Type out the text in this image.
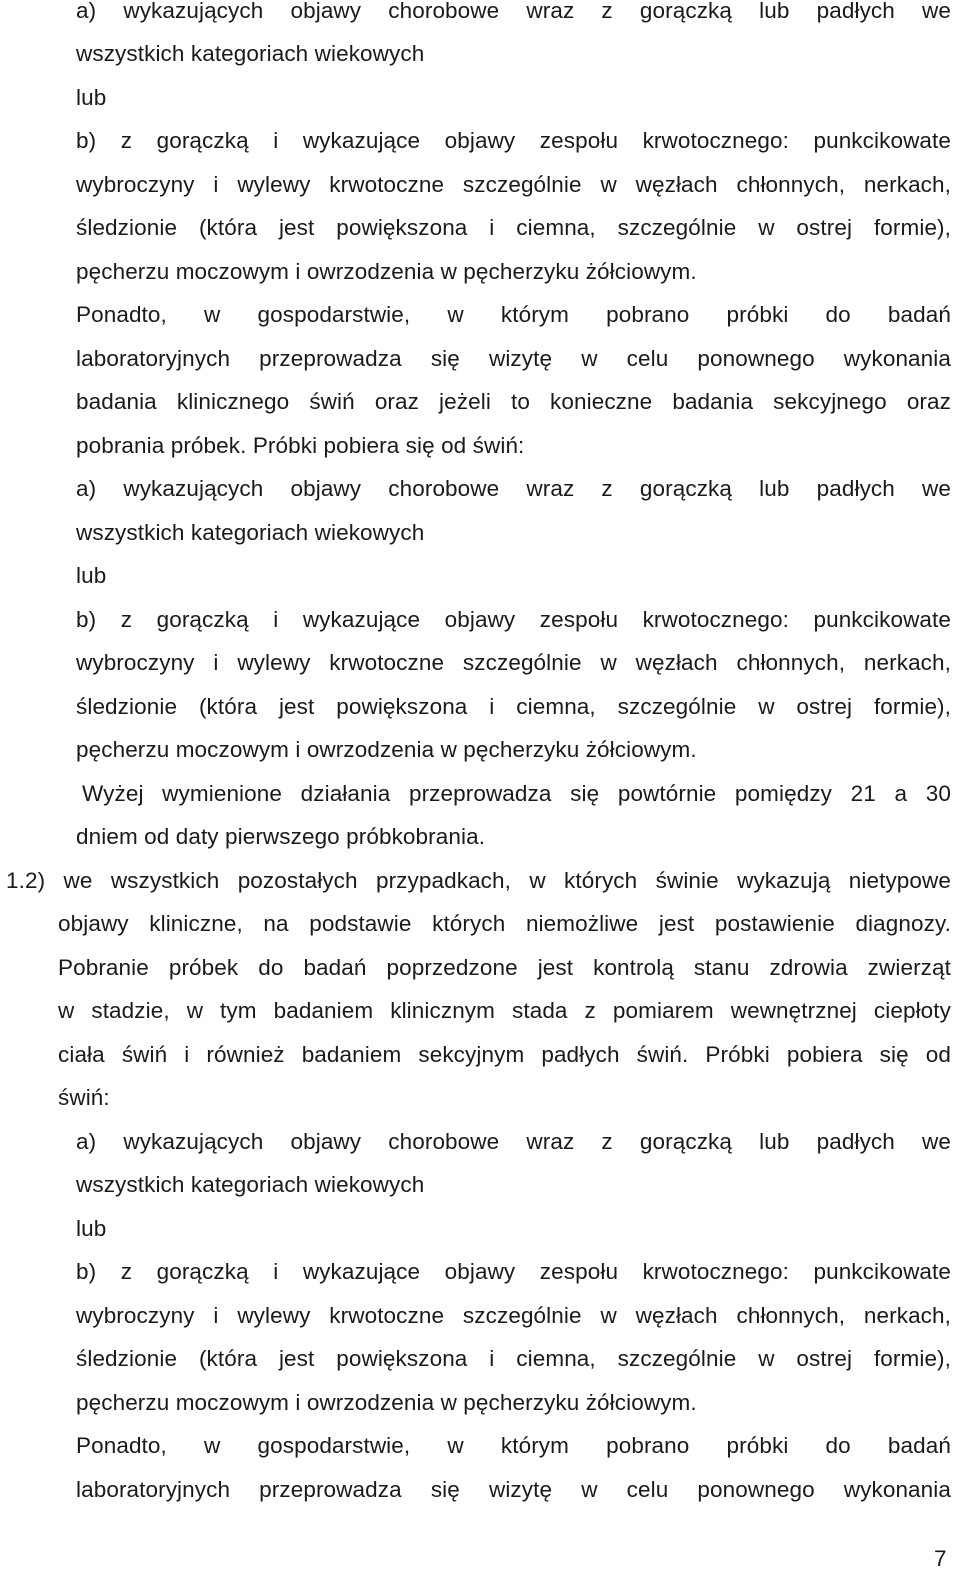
a) wykazujących objawy chorobowe wraz z gorączką lub padłych we

wszystkich kategoriach wiekowych

lub

b) z gorączką i wykazujące objawy zespołu krwotocznego: punkcikowate

wybroczyny i wylewy krwotoczne szczególnie w węzłach chłonnych, nerkach,

śledzionie (która jest powiększona i ciemna, szczególnie w ostrej formie),

pęcherzu moczowym i owrzodzenia w pęcherzyku żółciowym.

Ponadto, w gospodarstwie, w którym pobrano próbki do badań

laboratoryjnych przeprowadza się wizytę w celu ponownego wykonania

badania klinicznego świń oraz jeżeli to konieczne badania sekcyjnego oraz

pobrania próbek. Próbki pobiera się od świń:

a) wykazujących objawy chorobowe wraz z gorączką lub padłych we

wszystkich kategoriach wiekowych

lub

b) z gorączką i wykazujące objawy zespołu krwotocznego: punkcikowate

wybroczyny i wylewy krwotoczne szczególnie w węzłach chłonnych, nerkach,

śledzionie (która jest powiększona i ciemna, szczególnie w ostrej formie),

pęcherzu moczowym i owrzodzenia w pęcherzyku żółciowym.

Wyżej wymienione działania przeprowadza się powtórnie pomiędzy 21 a 30

dniem od daty pierwszego próbkobrania.

1.2) we wszystkich pozostałych przypadkach, w których świnie wykazują nietypowe

objawy kliniczne, na podstawie których niemożliwe jest postawienie diagnozy.

Pobranie próbek do badań poprzedzone jest kontrolą stanu zdrowia zwierząt

w stadzie, w tym badaniem klinicznym stada z pomiarem wewnętrznej ciepłoty

ciała świń i również badaniem sekcyjnym padłych świń. Próbki pobiera się od

świń:

a) wykazujących objawy chorobowe wraz z gorączką lub padłych we

wszystkich kategoriach wiekowych

lub

b) z gorączką i wykazujące objawy zespołu krwotocznego: punkcikowate

wybroczyny i wylewy krwotoczne szczególnie w węzłach chłonnych, nerkach,

śledzionie (która jest powiększona i ciemna, szczególnie w ostrej formie),

pęcherzu moczowym i owrzodzenia w pęcherzyku żółciowym.

Ponadto, w gospodarstwie, w którym pobrano próbki do badań

laboratoryjnych przeprowadza się wizytę w celu ponownego wykonania

7
